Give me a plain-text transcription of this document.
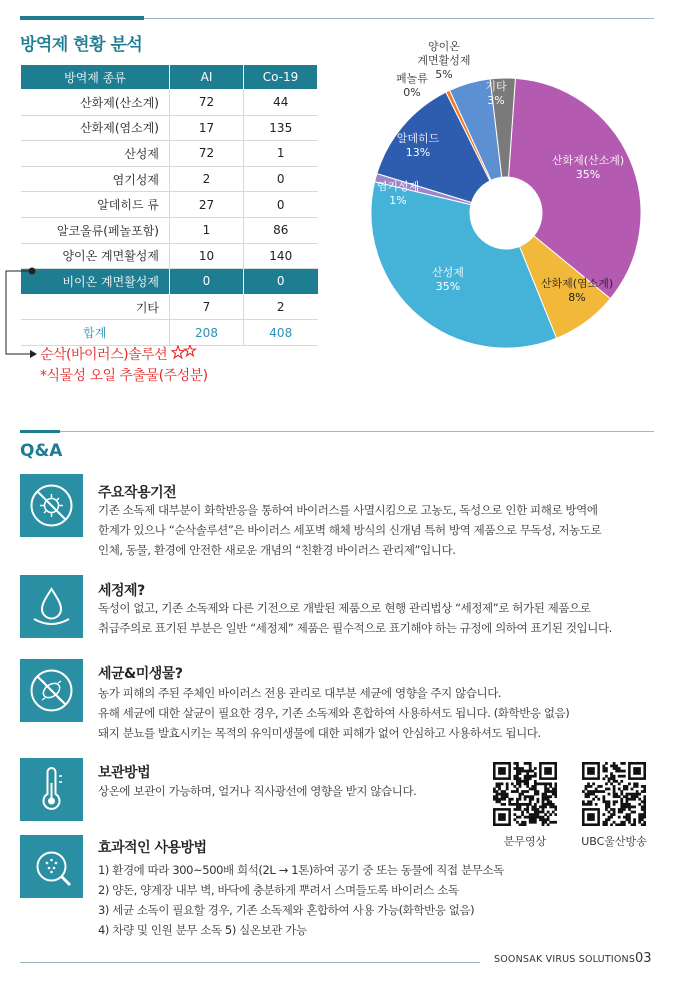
방역제 현황 분석
방역제 종류	AI	Co-19
산화제(산소계)	72	44
산화제(염소계)	17	135
산성제	72	1
염기성제	2	0
알데히드 류	27	0
알코올류(페놀포함)	1	86
양이온 계면활성제	10	140
비이온 계면활성제	0	0
기타	7	2
합계	208	408
순삭(바이러스)솔루션
*식물성 오일 추출물(주성분)
산화제(산소계) 35%
산화제(염소계) 8%
산성제 35%
염기성제 1%
알데히드 13%
페놀류 0%
양이온 계면활성제 5%
기타 3%
Q&A
주요작용기전
기존 소독제 대부분이 화학반응을 통하여 바이러스를 사멸시킴으로 고농도, 독성으로 인한 피해로 방역에
한계가 있으나 “순삭솔루션”은 바이러스 세포벽 해체 방식의 신개념 특허 방역 제품으로 무독성, 저농도로
인체, 동물, 환경에 안전한 새로운 개념의 “친환경 바이러스 관리제”입니다.
세정제?
독성이 없고, 기존 소독제와 다른 기전으로 개발된 제품으로 현행 관리법상 “세정제”로 허가된 제품으로
취급주의로 표기된 부분은 일반 “세정제” 제품은 필수적으로 표기해야 하는 규정에 의하여 표기된 것입니다.
세균&미생물?
농가 피해의 주된 주체인 바이러스 전용 관리로 대부분 세균에 영향을 주지 않습니다.
유해 세균에 대한 살균이 필요한 경우, 기존 소독제와 혼합하여 사용하셔도 됩니다. (화학반응 없음)
돼지 분뇨를 발효시키는 목적의 유익미생물에 대한 피해가 없어 안심하고 사용하셔도 됩니다.
보관방법
상온에 보관이 가능하며, 얼거나 직사광선에 영향을 받지 않습니다.
효과적인 사용방법
1) 환경에 따라 300~500배 희석(2L → 1톤)하여 공기 중 또는 동물에 직접 분무소독
2) 양돈, 양계장 내부 벽, 바닥에 충분하게 뿌려서 스며들도록 바이러스 소독
3) 세균 소독이 필요할 경우, 기존 소독제와 혼합하여 사용 가능(화학반응 없음)
4) 차량 및 인원 분무 소독 5) 실온보관 가능
분무영상	UBC울산방송
SOONSAK VIRUS SOLUTIONS 03
